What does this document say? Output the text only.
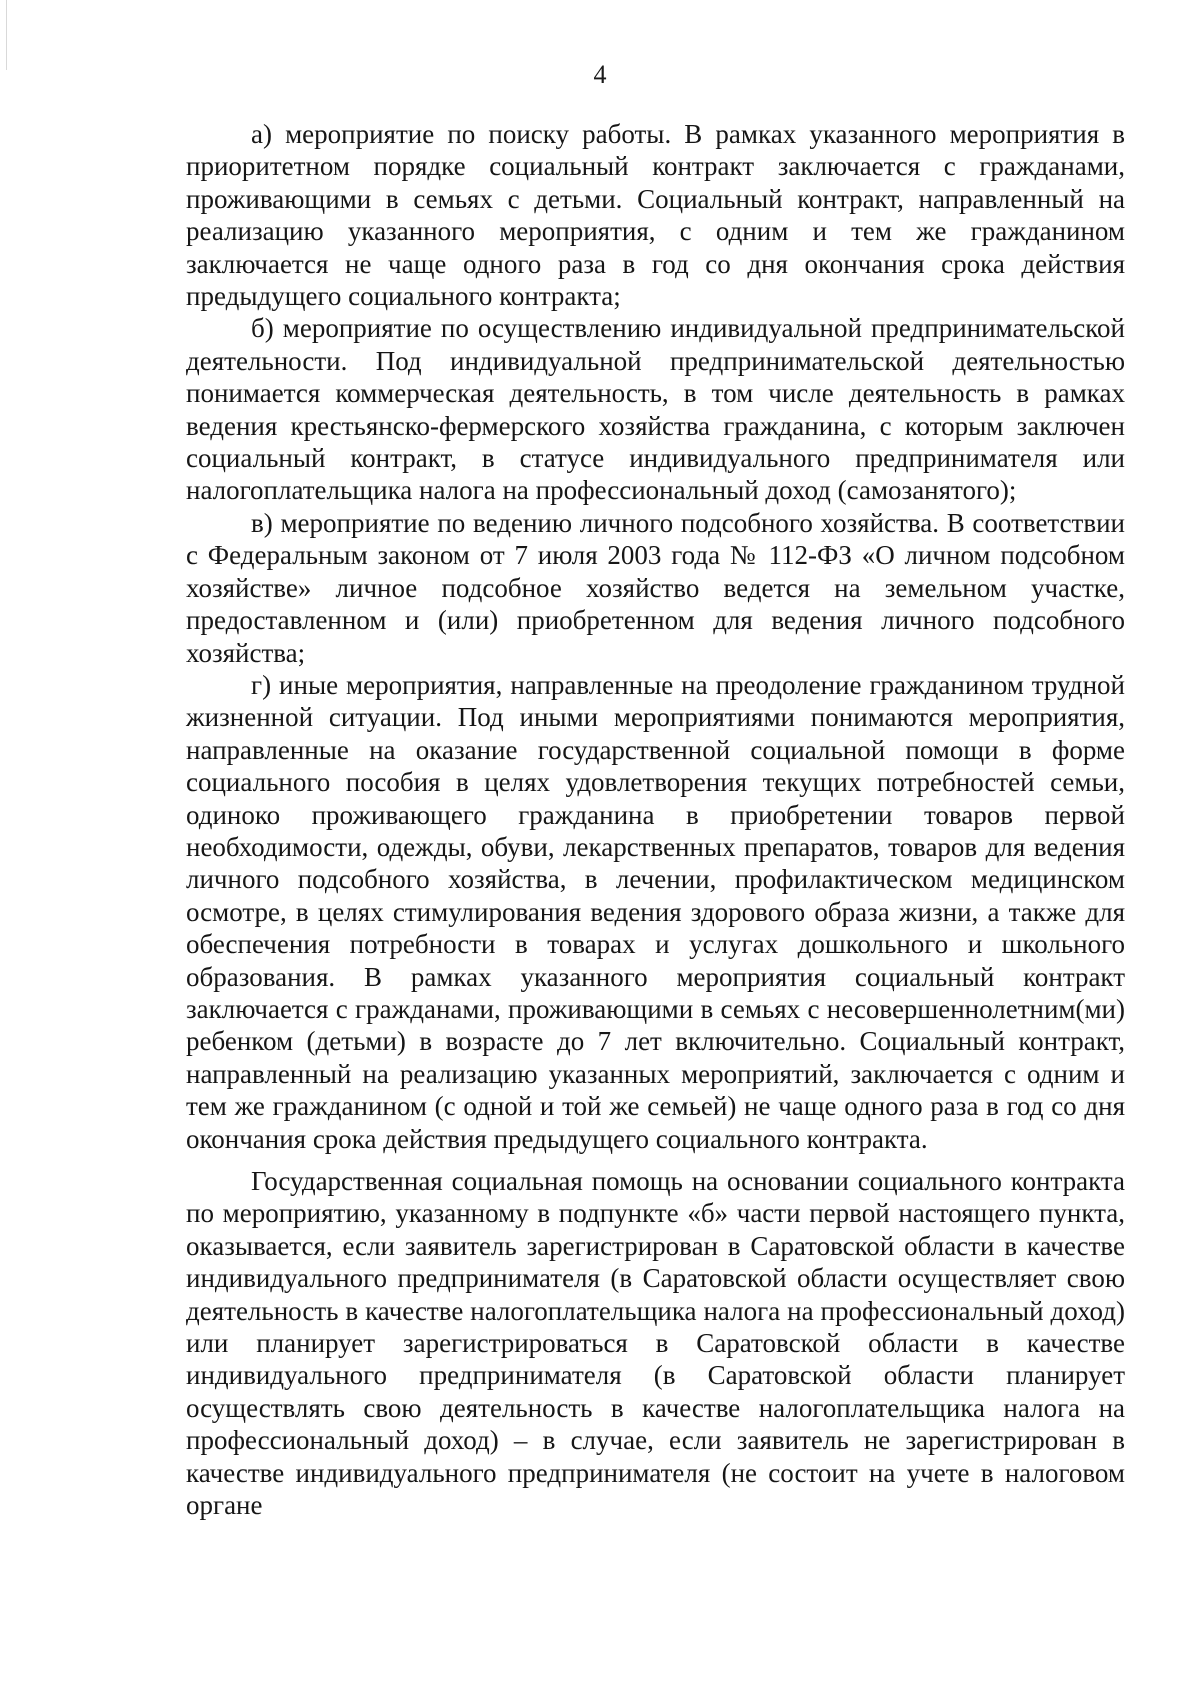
4

а) мероприятие по поиску работы. В рамках указанного мероприятия в приоритетном порядке социальный контракт заключается с гражданами, проживающими в семьях с детьми. Социальный контракт, направленный на реализацию указанного мероприятия, с одним и тем же гражданином заключается не чаще одного раза в год со дня окончания срока действия предыдущего социального контракта;

б) мероприятие по осуществлению индивидуальной предпринимательской деятельности. Под индивидуальной предпринимательской деятельностью понимается коммерческая деятельность, в том числе деятельность в рамках ведения крестьянско-фермерского хозяйства гражданина, с которым заключен социальный контракт, в статусе индивидуального предпринимателя или налогоплательщика налога на профессиональный доход (самозанятого);

в) мероприятие по ведению личного подсобного хозяйства. В соответствии с Федеральным законом от 7 июля 2003 года № 112-ФЗ «О личном подсобном хозяйстве» личное подсобное хозяйство ведется на земельном участке, предоставленном и (или) приобретенном для ведения личного подсобного хозяйства;

г) иные мероприятия, направленные на преодоление гражданином трудной жизненной ситуации. Под иными мероприятиями понимаются мероприятия, направленные на оказание государственной социальной помощи в форме социального пособия в целях удовлетворения текущих потребностей семьи, одиноко проживающего гражданина в приобретении товаров первой необходимости, одежды, обуви, лекарственных препаратов, товаров для ведения личного подсобного хозяйства, в лечении, профилактическом медицинском осмотре, в целях стимулирования ведения здорового образа жизни, а также для обеспечения потребности в товарах и услугах дошкольного и школьного образования. В рамках указанного мероприятия социальный контракт заключается с гражданами, проживающими в семьях с несовершеннолетним(ми) ребенком (детьми) в возрасте до 7 лет включительно. Социальный контракт, направленный на реализацию указанных мероприятий, заключается с одним и тем же гражданином (с одной и той же семьей) не чаще одного раза в год со дня окончания срока действия предыдущего социального контракта.

Государственная социальная помощь на основании социального контракта по мероприятию, указанному в подпункте «б» части первой настоящего пункта, оказывается, если заявитель зарегистрирован в Саратовской области в качестве индивидуального предпринимателя (в Саратовской области осуществляет свою деятельность в качестве налогоплательщика налога на профессиональный доход) или планирует зарегистрироваться в Саратовской области в качестве индивидуального предпринимателя (в Саратовской области планирует осуществлять свою деятельность в качестве налогоплательщика налога на профессиональный доход) – в случае, если заявитель не зарегистрирован в качестве индивидуального предпринимателя (не состоит на учете в налоговом органе
